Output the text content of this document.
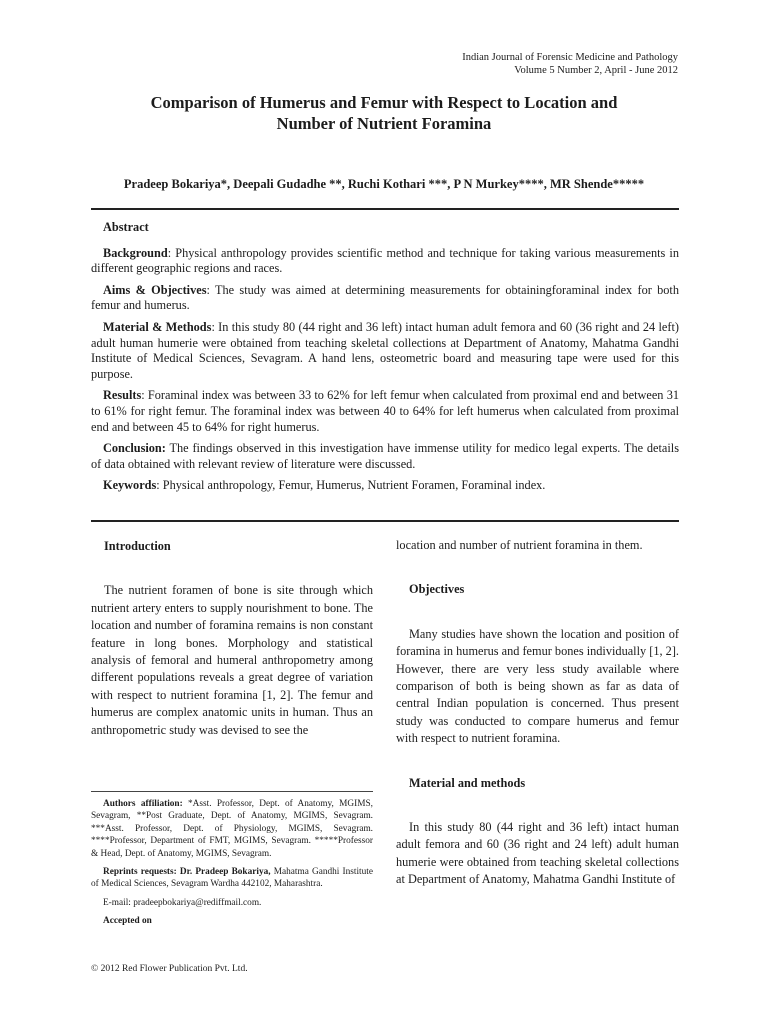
Indian Journal of Forensic Medicine and Pathology
Volume 5 Number 2, April - June 2012
Comparison of Humerus and Femur with Respect to Location and
Number of Nutrient Foramina
Pradeep Bokariya*, Deepali Gudadhe **, Ruchi Kothari ***, P N Murkey****, MR Shende*****
Abstract

Background: Physical anthropology provides scientific method and technique for taking various measurements in different geographic regions and races.

Aims & Objectives: The study was aimed at determining measurements for obtainingforaminal index for both femur and humerus.

Material & Methods: In this study 80 (44 right and 36 left) intact human adult femora and 60 (36 right and 24 left) adult human humerie were obtained from teaching skeletal collections at Department of Anatomy, Mahatma Gandhi Institute of Medical Sciences, Sevagram. A hand lens, osteometric board and measuring tape were used for this purpose.

Results: Foraminal index was between 33 to 62% for left femur when calculated from proximal end and between 31 to 61% for right femur. The foraminal index was between 40 to 64% for left humerus when calculated from proximal end and between 45 to 64% for right humerus.

Conclusion: The findings observed in this investigation have immense utility for medico legal experts. The details of data obtained with relevant review of literature were discussed.

Keywords: Physical anthropology, Femur, Humerus, Nutrient Foramen, Foraminal index.

Introduction

The nutrient foramen of bone is site through which nutrient artery enters to supply nourishment to bone. The location and number of foramina remains is non constant feature in long bones. Morphology and statistical analysis of femoral and humeral anthropometry among different populations reveals a great degree of variation with respect to nutrient foramina [1, 2]. The femur and humerus are complex anatomic units in human. Thus an anthropometric study was devised to see the

Authors affiliation: *Asst. Professor, Dept. of Anatomy, MGIMS, Sevagram, **Post Graduate, Dept. of Anatomy, MGIMS, Sevagram. ***Asst. Professor, Dept. of Physiology, MGIMS, Sevagram. ****Professor, Department of FMT, MGIMS, Sevagram. *****Professor & Head, Dept. of Anatomy, MGIMS, Sevagram.

Reprints requests: Dr. Pradeep Bokariya, Mahatma Gandhi Institute of Medical Sciences, Sevagram Wardha 442102, Maharashtra.

E-mail: pradeepbokariya@rediffmail.com.

Accepted on

© 2012 Red Flower Publication Pvt. Ltd.

location and number of nutrient foramina in them.

Objectives

Many studies have shown the location and position of foramina in humerus and femur bones individually [1, 2]. However, there are very less study available where comparison of both is being shown as far as data of central Indian population is concerned. Thus present study was conducted to compare humerus and femur with respect to nutrient foramina.

Material and methods

In this study 80 (44 right and 36 left) intact human adult femora and 60 (36 right and 24 left) adult human humerie were obtained from teaching skeletal collections at Department of Anatomy, Mahatma Gandhi Institute of
